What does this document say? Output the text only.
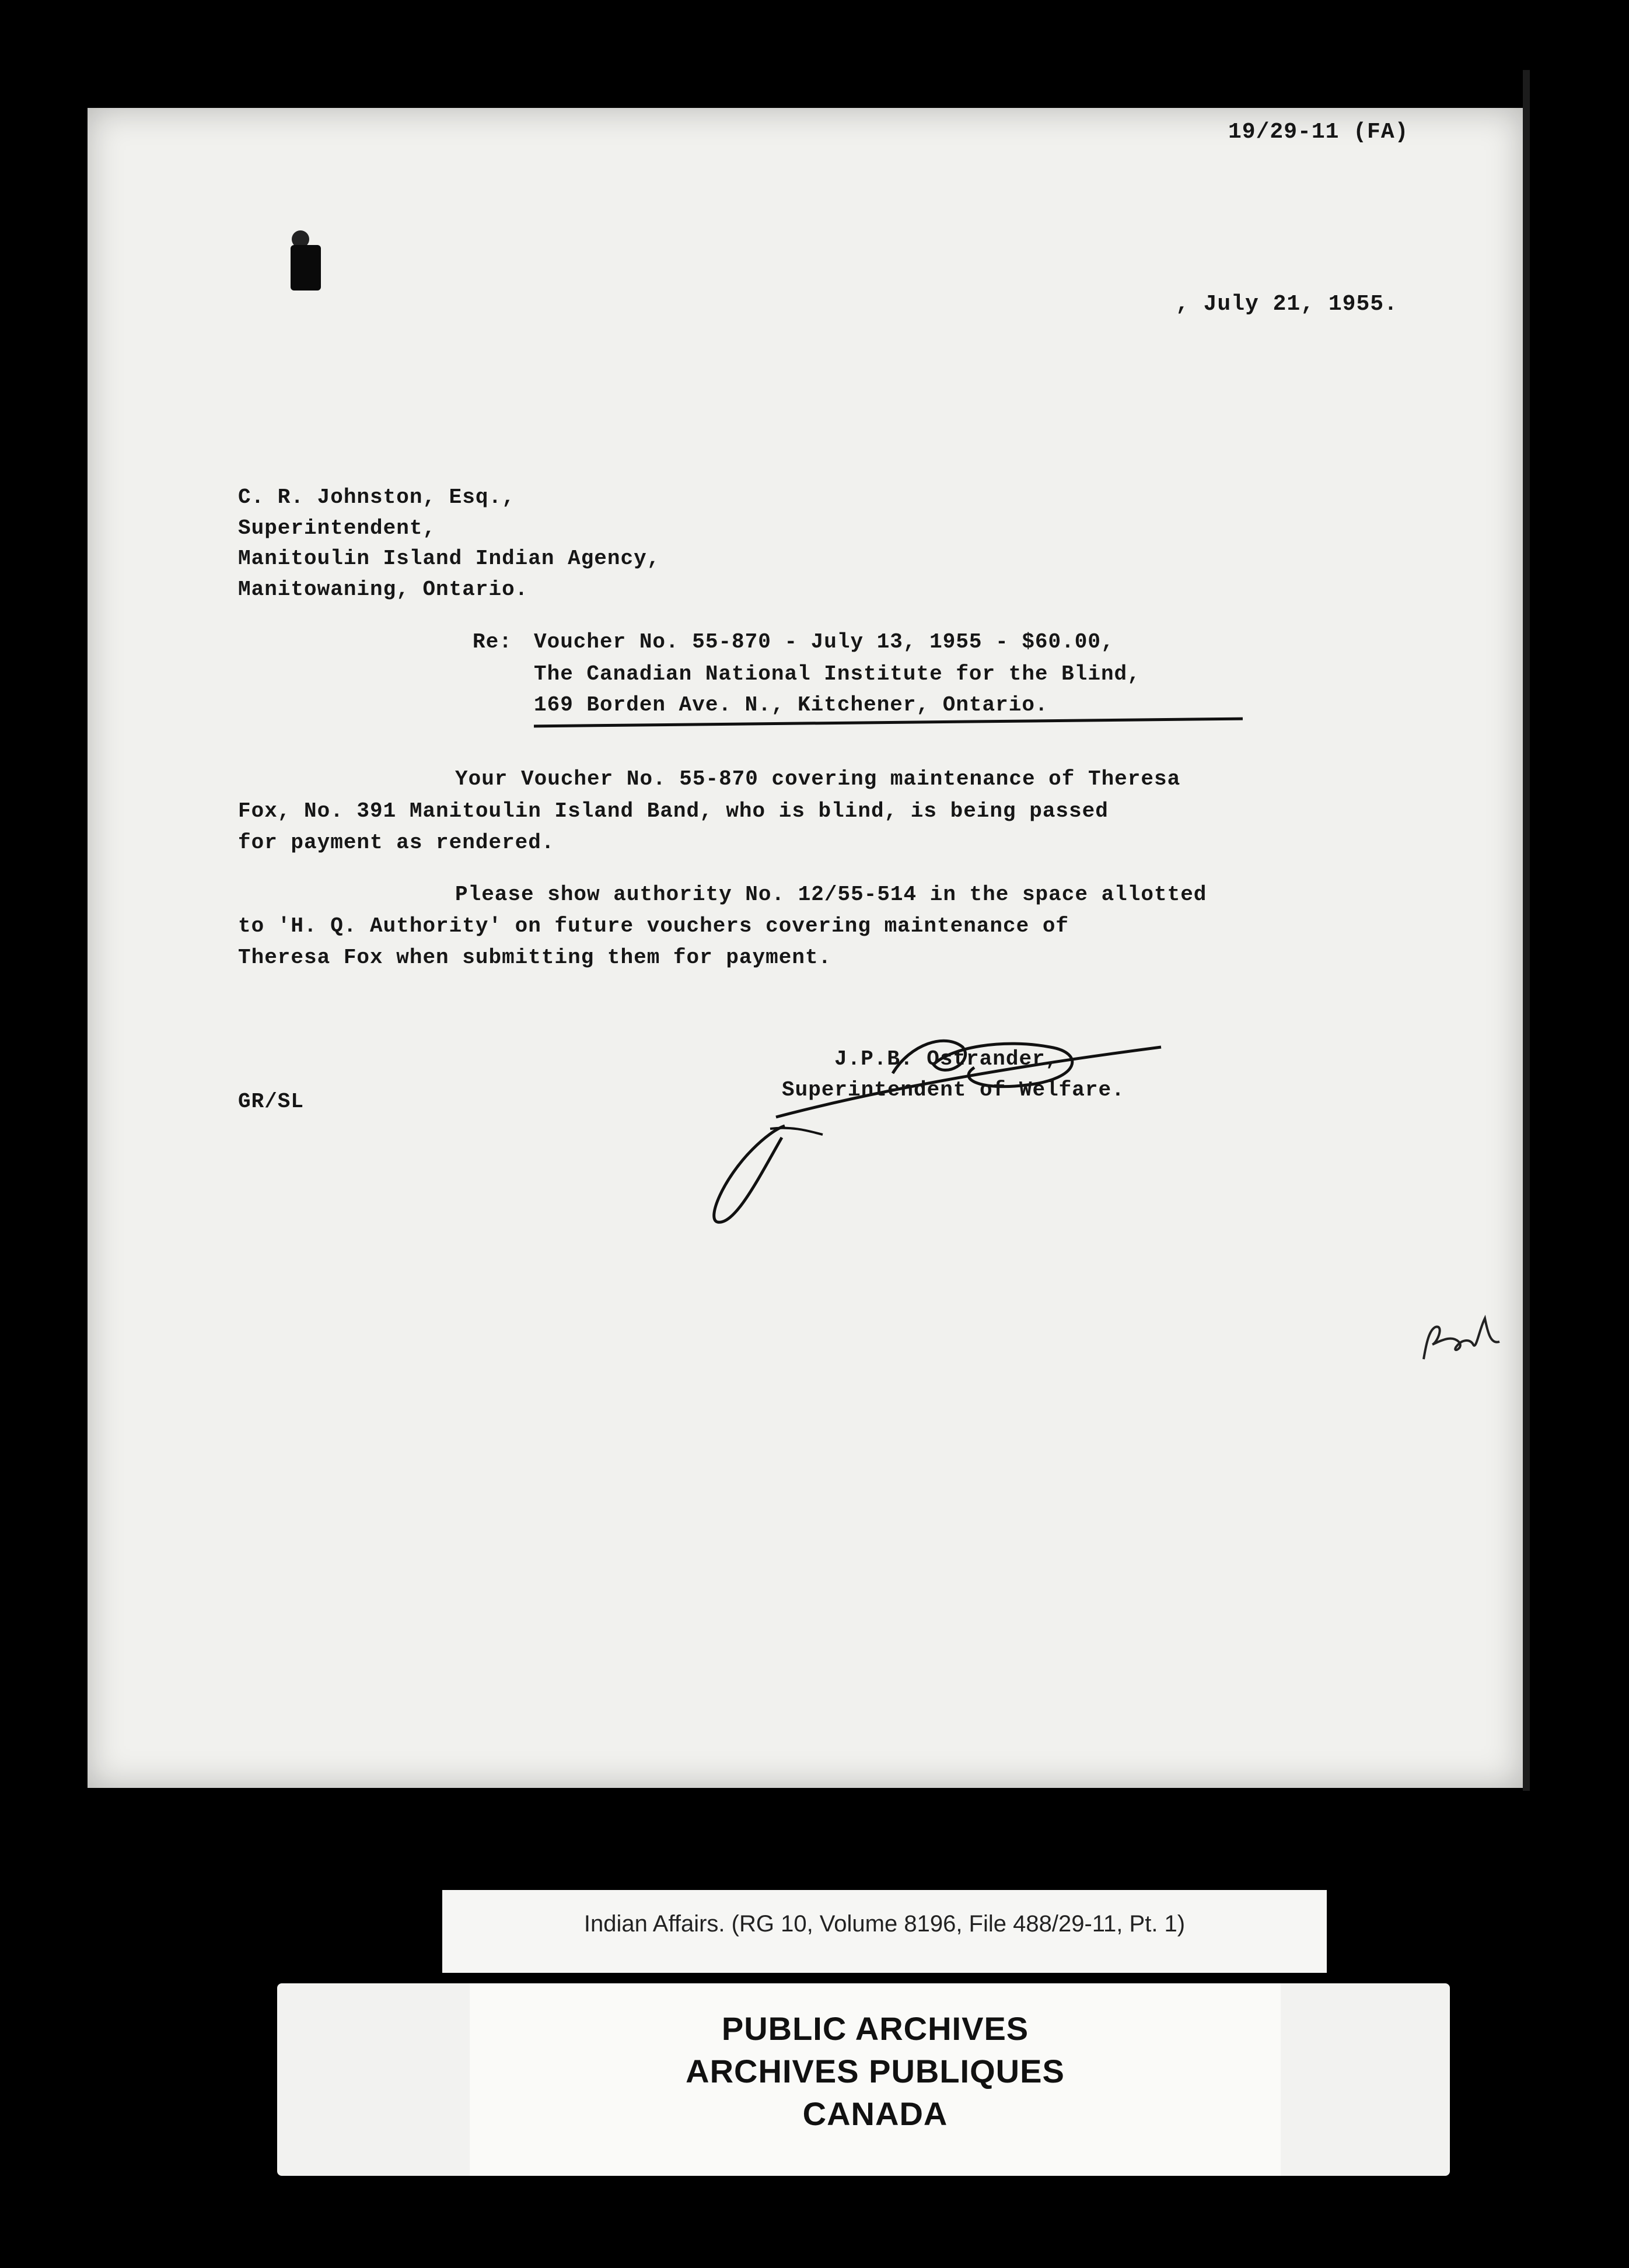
19/29-11 (FA)
, July 21, 1955.
C. R. Johnston, Esq.,
Superintendent,
Manitoulin Island Indian Agency,
Manitowaning, Ontario.
Re: Voucher No. 55-870 - July 13, 1955 - $60.00,
The Canadian National Institute for the Blind,
169 Borden Ave. N., Kitchener, Ontario.
Your Voucher No. 55-870 covering maintenance of Theresa
Fox, No. 391 Manitoulin Island Band, who is blind, is being passed
for payment as rendered.
Please show authority No. 12/55-514 in the space allotted
to 'H. Q. Authority' on future vouchers covering maintenance of
Theresa Fox when submitting them for payment.
GR/SL
J.P.B. Ostrander,
Superintendent of Welfare.
Indian Affairs. (RG 10, Volume 8196, File 488/29-11, Pt. 1)
PUBLIC ARCHIVES
ARCHIVES PUBLIQUES
CANADA
